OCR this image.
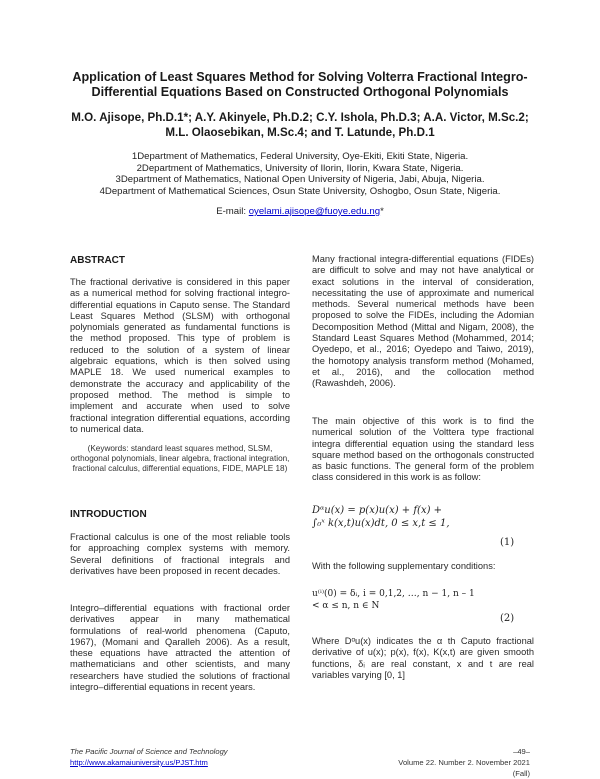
Application of Least Squares Method for Solving Volterra Fractional Integro-Differential Equations Based on Constructed Orthogonal Polynomials
M.O. Ajisope, Ph.D.1*; A.Y. Akinyele, Ph.D.2; C.Y. Ishola, Ph.D.3; A.A. Victor, M.Sc.2;
M.L. Olaosebikan, M.Sc.4; and T. Latunde, Ph.D.1
1Department of Mathematics, Federal University, Oye-Ekiti, Ekiti State, Nigeria.
2Department of Mathematics, University of Ilorin, Ilorin, Kwara State, Nigeria.
3Department of Mathematics, National Open University of Nigeria, Jabi, Abuja, Nigeria.
4Department of Mathematical Sciences, Osun State University, Oshogbo, Osun State, Nigeria.
E-mail: oyelami.ajisope@fuoye.edu.ng*
ABSTRACT
The fractional derivative is considered in this paper as a numerical method for solving fractional integro-differential equations in Caputo sense. The Standard Least Squares Method (SLSM) with orthogonal polynomials generated as fundamental functions is the method proposed. This type of problem is reduced to the solution of a system of linear algebraic equations, which is then solved using MAPLE 18. We used numerical examples to demonstrate the accuracy and applicability of the proposed method. The method is simple to implement and accurate when used to solve fractional integration differential equations, according to numerical data.
(Keywords: standard least squares method, SLSM, orthogonal polynomials, linear algebra, fractional integration, fractional calculus, differential equations, FIDE, MAPLE 18)
INTRODUCTION
Fractional calculus is one of the most reliable tools for approaching complex systems with memory. Several definitions of fractional integrals and derivatives have been proposed in recent decades.
Integro–differential equations with fractional order derivatives appear in many mathematical formulations of real-world phenomena (Caputo, 1967), (Momani and Qaralleh 2006). As a result, these equations have attracted the attention of mathematicians and other scientists, and many researchers have studied the solutions of fractional integro–differential equations in recent years.
Many fractional integra-differential equations (FIDEs) are difficult to solve and may not have analytical or exact solutions in the interval of consideration, necessitating the use of approximate and numerical methods. Several numerical methods have been proposed to solve the FIDEs, including the Adomian Decomposition Method (Mittal and Nigam, 2008), the Standard Least Squares Method (Mohammed, 2014; Oyedepo, et al., 2016; Oyedepo and Taiwo, 2019), the homotopy analysis transform method (Mohamed, et al., 2016), and the collocation method (Rawashdeh, 2006).
The main objective of this work is to find the numerical solution of the Volttera type fractional integra differential equation using the standard less square method based on the orthogonals constructed as basic functions. The general form of the problem class considered in this work is as follow:
Dᵅu(x) = p(x)u(x) + f(x) +
∫₀ˣ k(x,t)u(x)dt, 0 ≤ x,t ≤ 1,
(1)
With the following supplementary conditions:
u⁽ⁱ⁾(0) = δᵢ, i = 0,1,2, …, n − 1, n – 1
< α ≤ n, n ∈ N
(2)
Where Dᵅu(x) indicates the α th Caputo fractional derivative of u(x); p(x), f(x), K(x,t) are given smooth functions, δᵢ are real constant, x and t are real variables varying [0, 1]
The Pacific Journal of Science and Technology
http://www.akamaiuniversity.us/PJST.htm
–49–
Volume 22. Number 2. November 2021 (Fall)
